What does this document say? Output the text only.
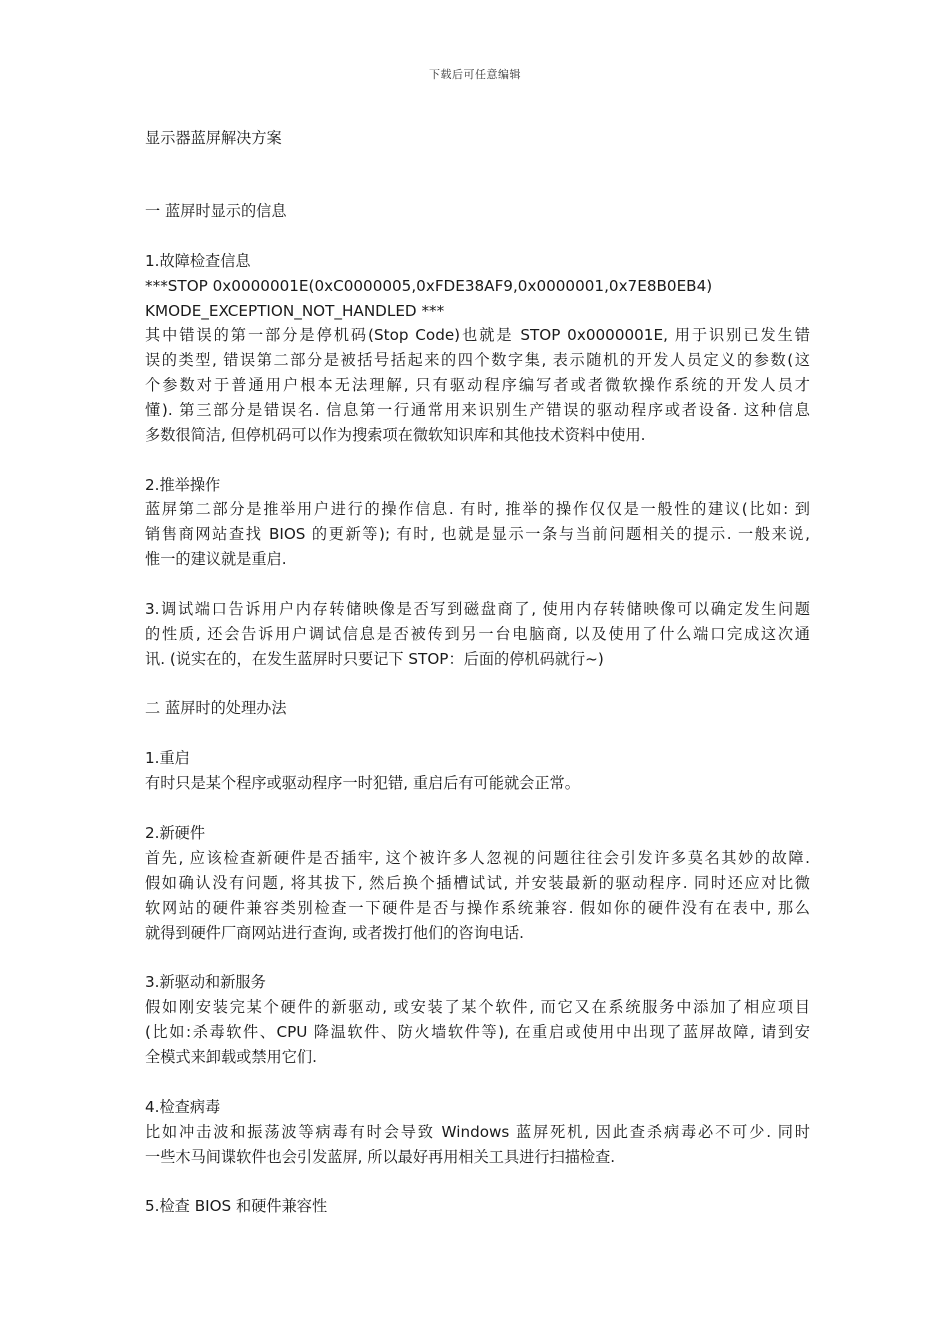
下载后可任意编辑
显示器蓝屏解决方案
一 蓝屏时显示的信息
1.故障检查信息
***STOP 0x0000001E(0xC0000005,0xFDE38AF9,0x0000001,0x7E8B0EB4)
KMODE_EXCEPTION_NOT_HANDLED ***
其中错误的第一部分是停机码(Stop Code)也就是 STOP 0x0000001E, 用于识别已发生错
误的类型, 错误第二部分是被括号括起来的四个数字集, 表示随机的开发人员定义的参数(这
个参数对于普通用户根本无法理解, 只有驱动程序编写者或者微软操作系统的开发人员才
懂). 第三部分是错误名. 信息第一行通常用来识别生产错误的驱动程序或者设备. 这种信息
多数很简洁, 但停机码可以作为搜索项在微软知识库和其他技术资料中使用.
2.推举操作
蓝屏第二部分是推举用户进行的操作信息. 有时, 推举的操作仅仅是一般性的建议(比如: 到
销售商网站查找 BIOS 的更新等); 有时, 也就是显示一条与当前问题相关的提示. 一般来说,
惟一的建议就是重启.
3.调试端口告诉用户内存转储映像是否写到磁盘商了, 使用内存转储映像可以确定发生问题
的性质, 还会告诉用户调试信息是否被传到另一台电脑商, 以及使用了什么端口完成这次通
讯. (说实在的，在发生蓝屏时只要记下 STOP：后面的停机码就行~)
二 蓝屏时的处理办法
1.重启
有时只是某个程序或驱动程序一时犯错, 重启后有可能就会正常。
2.新硬件
首先, 应该检查新硬件是否插牢, 这个被许多人忽视的问题往往会引发许多莫名其妙的故障.
假如确认没有问题, 将其拔下, 然后换个插槽试试, 并安装最新的驱动程序. 同时还应对比微
软网站的硬件兼容类别检查一下硬件是否与操作系统兼容. 假如你的硬件没有在表中, 那么
就得到硬件厂商网站进行查询, 或者拨打他们的咨询电话.
3.新驱动和新服务
假如刚安装完某个硬件的新驱动, 或安装了某个软件, 而它又在系统服务中添加了相应项目
(比如:杀毒软件、CPU 降温软件、防火墙软件等), 在重启或使用中出现了蓝屏故障, 请到安
全模式来卸载或禁用它们.
4.检查病毒
比如冲击波和振荡波等病毒有时会导致 Windows 蓝屏死机, 因此查杀病毒必不可少. 同时
一些木马间谍软件也会引发蓝屏, 所以最好再用相关工具进行扫描检查.
5.检查 BIOS 和硬件兼容性
